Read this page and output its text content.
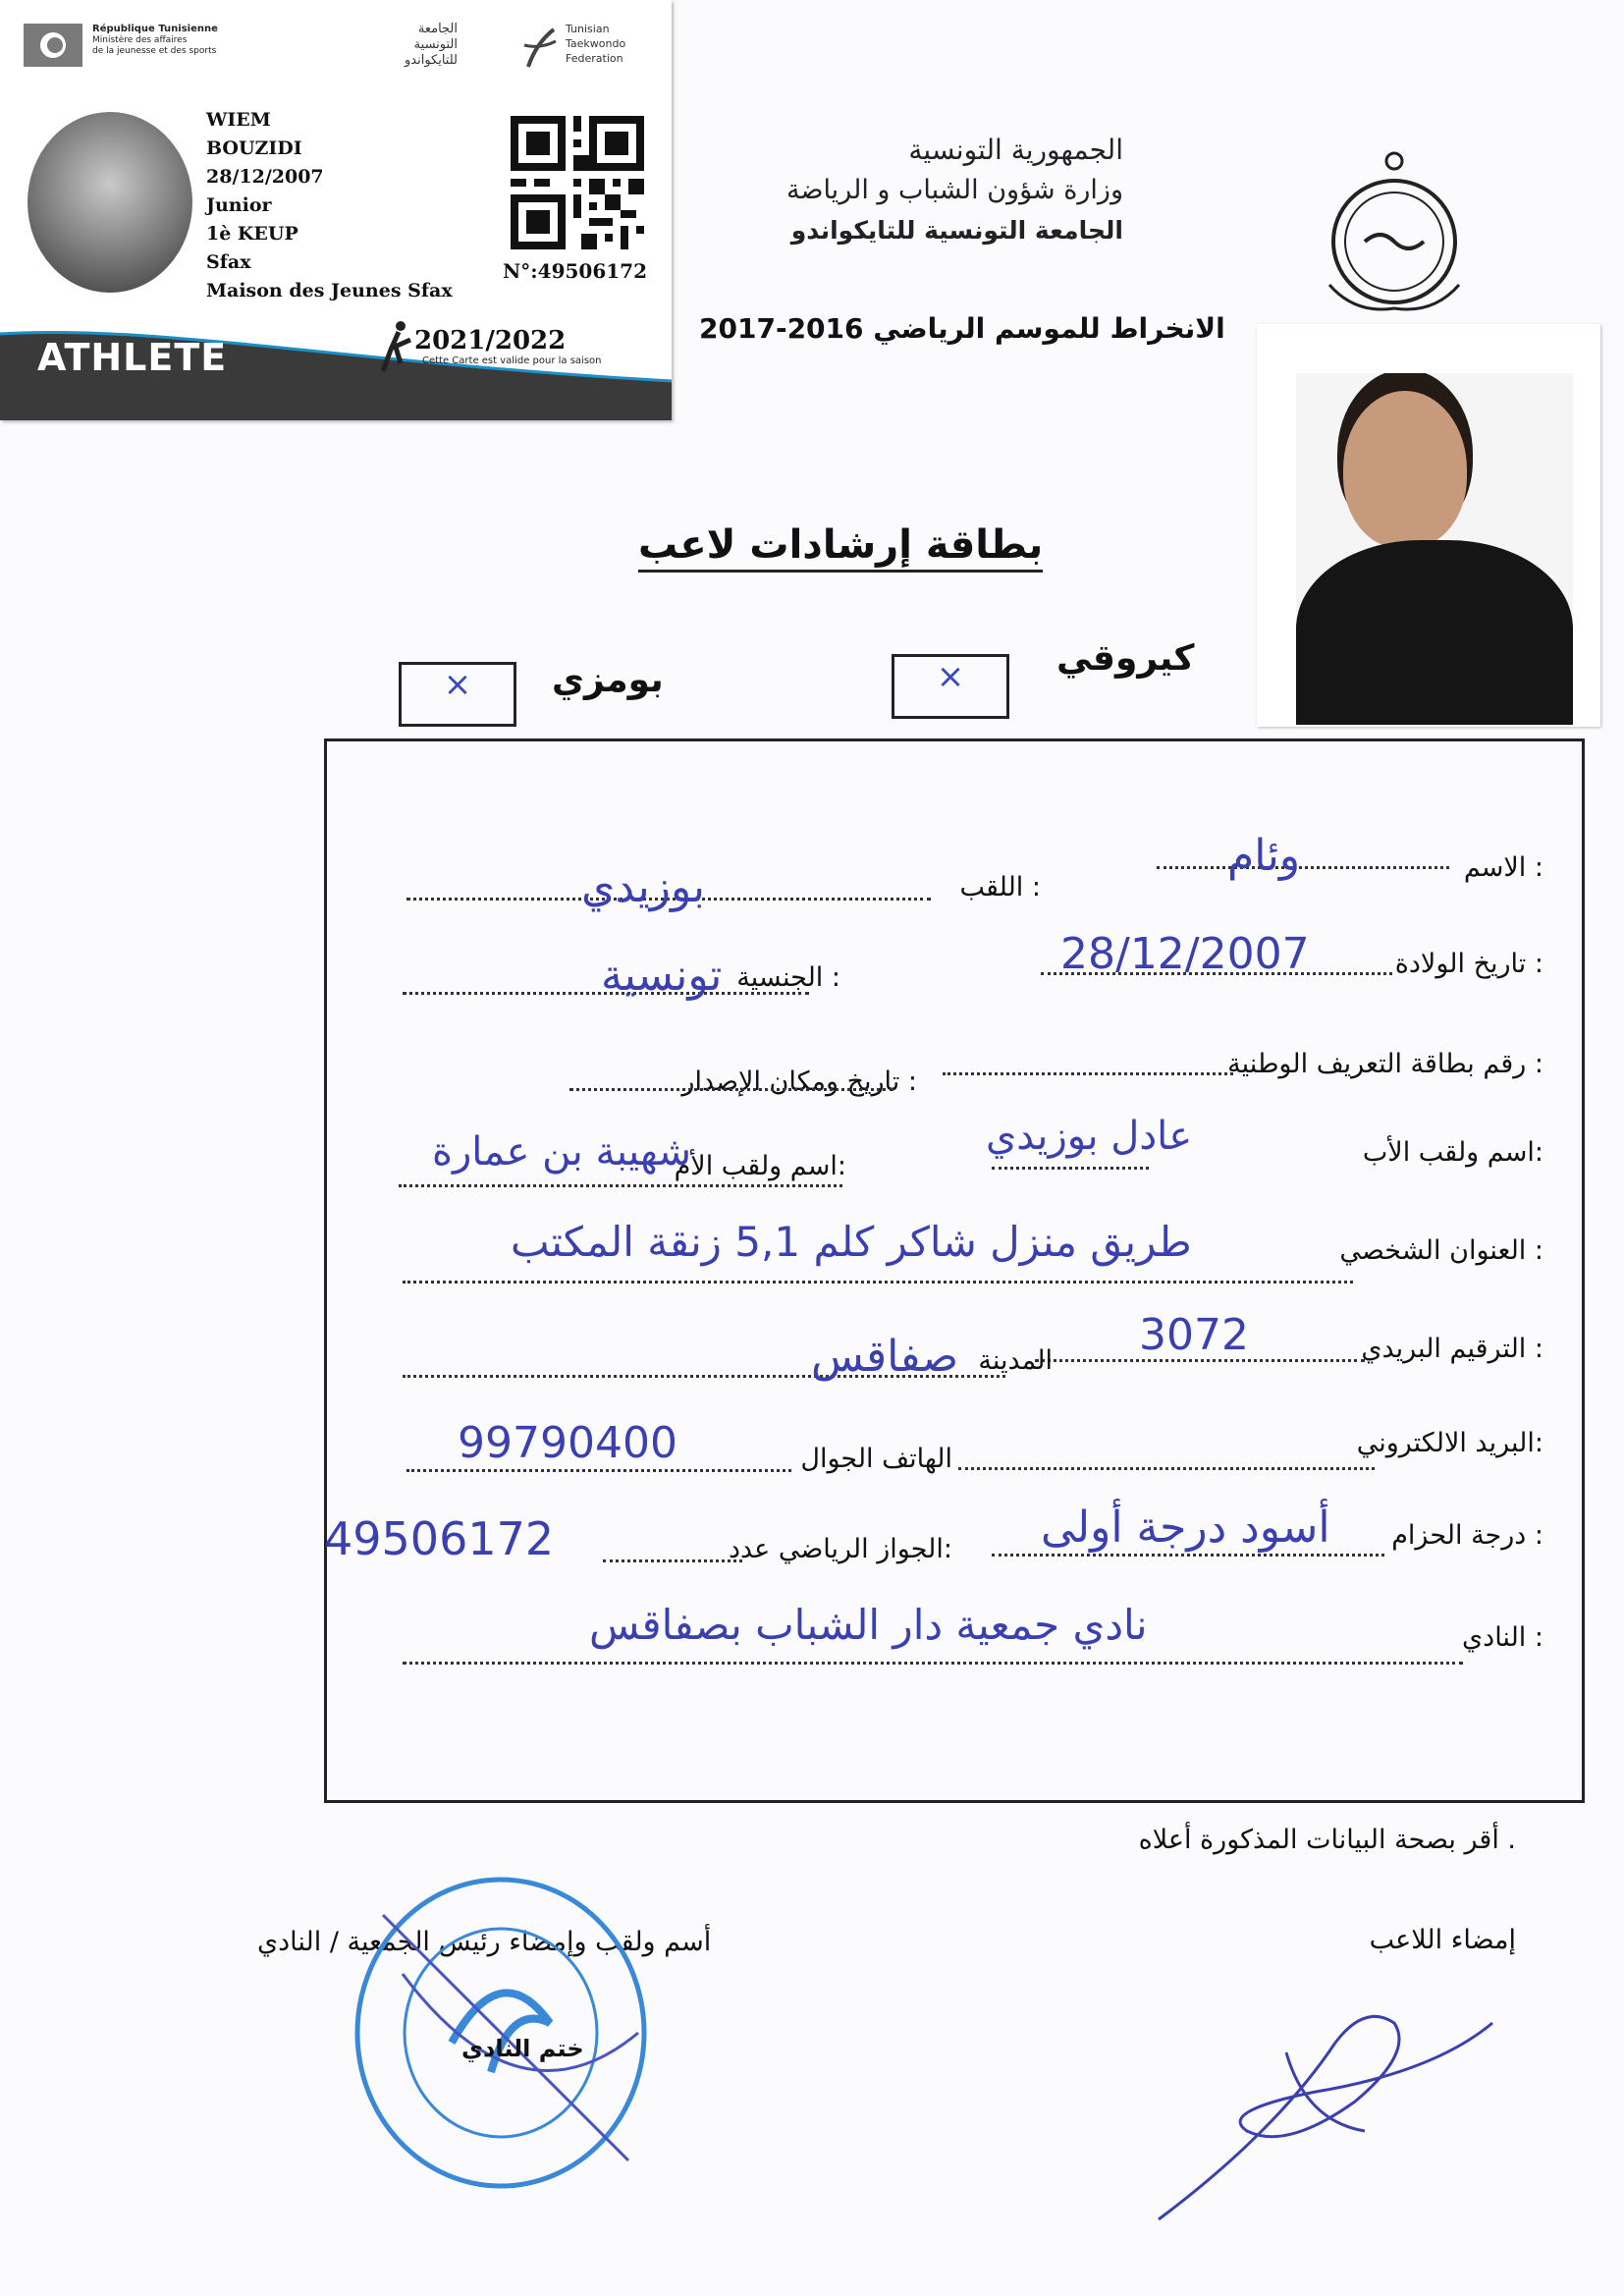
République Tunisienne
Ministère des affaires
de la jeunesse et des sports
الجامعة
التونسية
للتايكواندو
Tunisian
Taekwondo
Federation
WIEM
BOUZIDI
28/12/2007
Junior
1è KEUP
Sfax
Maison des Jeunes Sfax
N°:49506172
ATHLETE	2021/2022
Cette Carte est valide pour la saison
الجمهورية التونسية
وزارة شؤون الشباب و الرياضة
الجامعة التونسية للتايكواندو
الانخراط للموسم الرياضي 2016-2017
بطاقة إرشادات لاعب
كيروقي
×
بومزي
×
الاسم :
وئام
اللقب :
بوزيدي
تاريخ الولادة :
28/12/2007
الجنسية :
تونسية
رقم بطاقة التعريف الوطنية :
تاريخ ومكان الإصدار :
اسم ولقب الأب:
عادل بوزيدي
اسم ولقب الأم:
شهيبة بن عمارة
العنوان الشخصي :
طريق منزل شاكر كلم 5,1 زنقة المكتب
الترقيم البريدي :
3072
المدينة
صفاقس
البريد الالكتروني:
الهاتف الجوال
99790400
درجة الحزام :
أسود درجة أولى
الجواز الرياضي عدد:
49506172
النادي :
نادي جمعية دار الشباب بصفاقس
أقر بصحة البيانات المذكورة أعلاه .
إمضاء اللاعب
أسم ولقب وإمضاء رئيس الجمعية / النادي
ختم النادي
